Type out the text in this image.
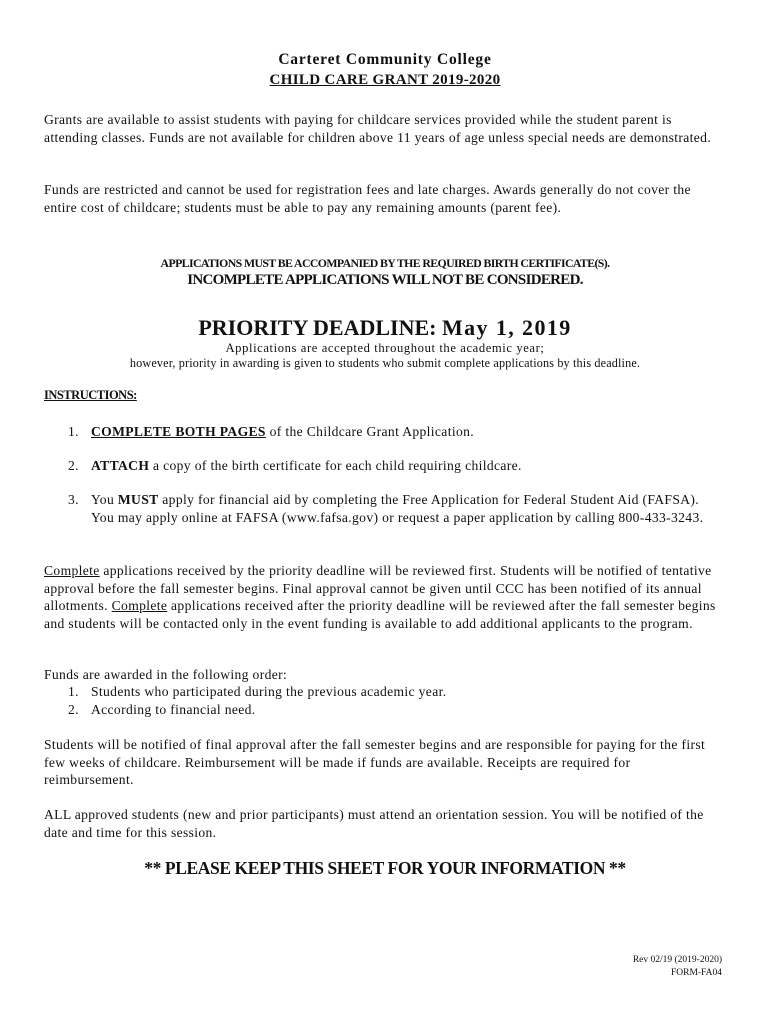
Carteret Community College
CHILD CARE GRANT 2019-2020
Grants are available to assist students with paying for childcare services provided while the student parent is attending classes. Funds are not available for children above 11 years of age unless special needs are demonstrated.
Funds are restricted and cannot be used for registration fees and late charges. Awards generally do not cover the entire cost of childcare; students must be able to pay any remaining amounts (parent fee).
APPLICATIONS MUST BE ACCOMPANIED BY THE REQUIRED BIRTH CERTIFICATE(S).
INCOMPLETE APPLICATIONS WILL NOT BE CONSIDERED.
PRIORITY DEADLINE: May 1, 2019
Applications are accepted throughout the academic year;
however, priority in awarding is given to students who submit complete applications by this deadline.
INSTRUCTIONS:
1. COMPLETE BOTH PAGES of the Childcare Grant Application.
2. ATTACH a copy of the birth certificate for each child requiring childcare.
3. You MUST apply for financial aid by completing the Free Application for Federal Student Aid (FAFSA). You may apply online at FAFSA (www.fafsa.gov) or request a paper application by calling 800-433-3243.
Complete applications received by the priority deadline will be reviewed first. Students will be notified of tentative approval before the fall semester begins. Final approval cannot be given until CCC has been notified of its annual allotments. Complete applications received after the priority deadline will be reviewed after the fall semester begins and students will be contacted only in the event funding is available to add additional applicants to the program.
Funds are awarded in the following order:
1. Students who participated during the previous academic year.
2. According to financial need.
Students will be notified of final approval after the fall semester begins and are responsible for paying for the first few weeks of childcare. Reimbursement will be made if funds are available. Receipts are required for reimbursement.
ALL approved students (new and prior participants) must attend an orientation session. You will be notified of the date and time for this session.
** PLEASE KEEP THIS SHEET FOR YOUR INFORMATION **
Rev 02/19 (2019-2020)
FORM-FA04
